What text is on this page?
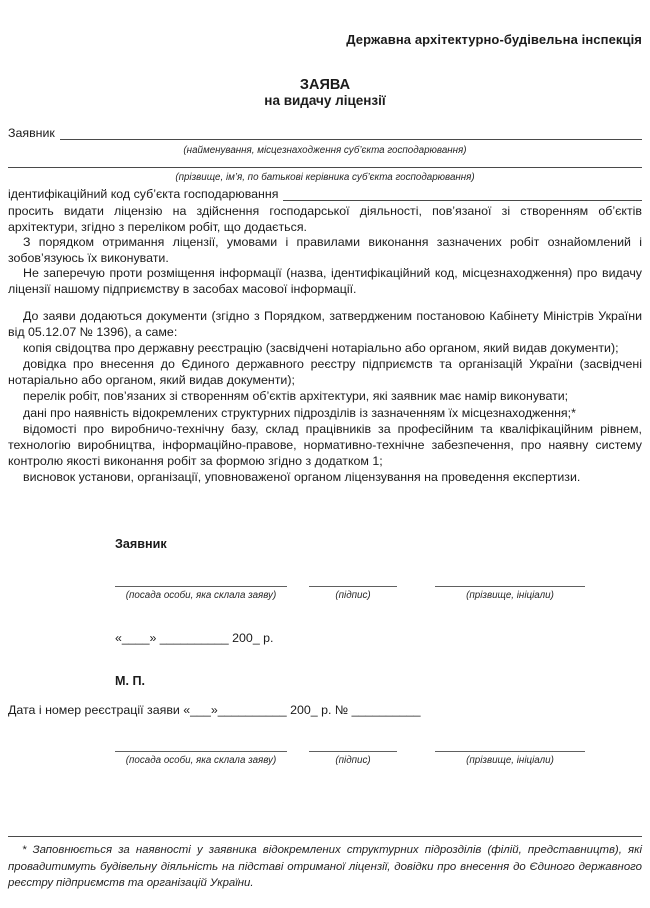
Державна архітектурно-будівельна інспекція
ЗАЯВА
на видачу ліцензії
Заявник
(найменування, місцезнаходження суб’єкта господарювання)
(прізвище, ім’я, по батькові керівника суб’єкта господарювання)
ідентифікаційний код суб’єкта господарювання

просить видати ліцензію на здійснення господарської діяльності, пов’язаної зі створенням об’єктів архітектури, згідно з переліком робіт, що додається.

З порядком отримання ліцензії, умовами і правилами виконання зазначених робіт ознайомлений і зобов’язуюсь їх виконувати.

Не заперечую проти розміщення інформації (назва, ідентифікаційний код, місцезнаходження) про видачу ліцензії нашому підприємству в засобах масової інформації.

До заяви додаються документи (згідно з Порядком, затвердженим постановою Кабінету Міністрів України від 05.12.07 № 1396), а саме:

копія свідоцтва про державну реєстрацію (засвідчені нотаріально або органом, який видав документи);

довідка про внесення до Єдиного державного реєстру підприємств та організацій України (засвідчені нотаріально або органом, який видав документи);

перелік робіт, пов’язаних зі створенням об’єктів архітектури, які заявник має намір виконувати;

дані про наявність відокремлених структурних підрозділів із зазначенням їх місцезнаходження;*

відомості про виробничо-технічну базу, склад працівників за професійним та кваліфікаційним рівнем, технологію виробництва, інформаційно-правове, нормативно-технічне забезпечення, про наявну систему контролю якості виконання робіт за формою згідно з додатком 1;

висновок установи, організації, уповноваженої органом ліцензування на проведення експертизи.

Заявник
(посада особи, яка склала заяву)	(підпис)	(прізвище, ініціали)
«____» __________ 200_ р.
М. П.
Дата і номер реєстрації заяви «___»__________ 200_ р. № __________
(посада особи, яка склала заяву)	(підпис)	(прізвище, ініціали)
* Заповнюється за наявності у заявника відокремлених структурних підрозділів (філій, представництв), які провадитимуть будівельну діяльність на підставі отриманої ліцензії, довідки про внесення до Єдиного державного реєстру підприємств та організацій України.
